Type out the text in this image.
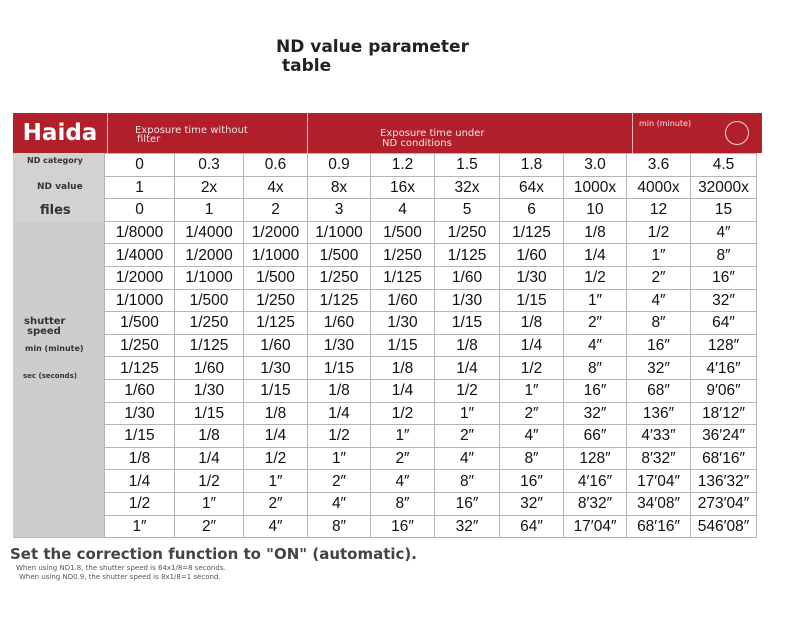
ND value parameter
table
Haida	Exposure time without
filter
Exposure time under
ND conditions
min (minute)
ND category
ND value
files
shutter
speed
min (minute)
sec (seconds)
0	0.3	0.6	0.9	1.2	1.5	1.8	3.0	3.6	4.5
1	2x	4x	8x	16x	32x	64x	1000x	4000x	32000x
0	1	2	3	4	5	6	10	12	15
1/8000	1/4000	1/2000	1/1000	1/500	1/250	1/125	1/8	1/2	4″
1/4000	1/2000	1/1000	1/500	1/250	1/125	1/60	1/4	1″	8″
1/2000	1/1000	1/500	1/250	1/125	1/60	1/30	1/2	2″	16″
1/1000	1/500	1/250	1/125	1/60	1/30	1/15	1″	4″	32″
1/500	1/250	1/125	1/60	1/30	1/15	1/8	2″	8″	64″
1/250	1/125	1/60	1/30	1/15	1/8	1/4	4″	16″	128″
1/125	1/60	1/30	1/15	1/8	1/4	1/2	8″	32″	4′16″
1/60	1/30	1/15	1/8	1/4	1/2	1″	16″	68″	9′06″
1/30	1/15	1/8	1/4	1/2	1″	2″	32″	136″	18′12″
1/15	1/8	1/4	1/2	1″	2″	4″	66″	4′33″	36′24″
1/8	1/4	1/2	1″	2″	4″	8″	128″	8′32″	68′16″
1/4	1/2	1″	2″	4″	8″	16″	4′16″	17′04″	136′32″
1/2	1″	2″	4″	8″	16″	32″	8′32″	34′08″	273′04″
1″	2″	4″	8″	16″	32″	64″	17′04″	68′16″	546′08″
Set the correction function to "ON" (automatic).
When using ND1.8, the shutter speed is 64x1/8=8 seconds.
When using ND0.9, the shutter speed is 8x1/8=1 second.
